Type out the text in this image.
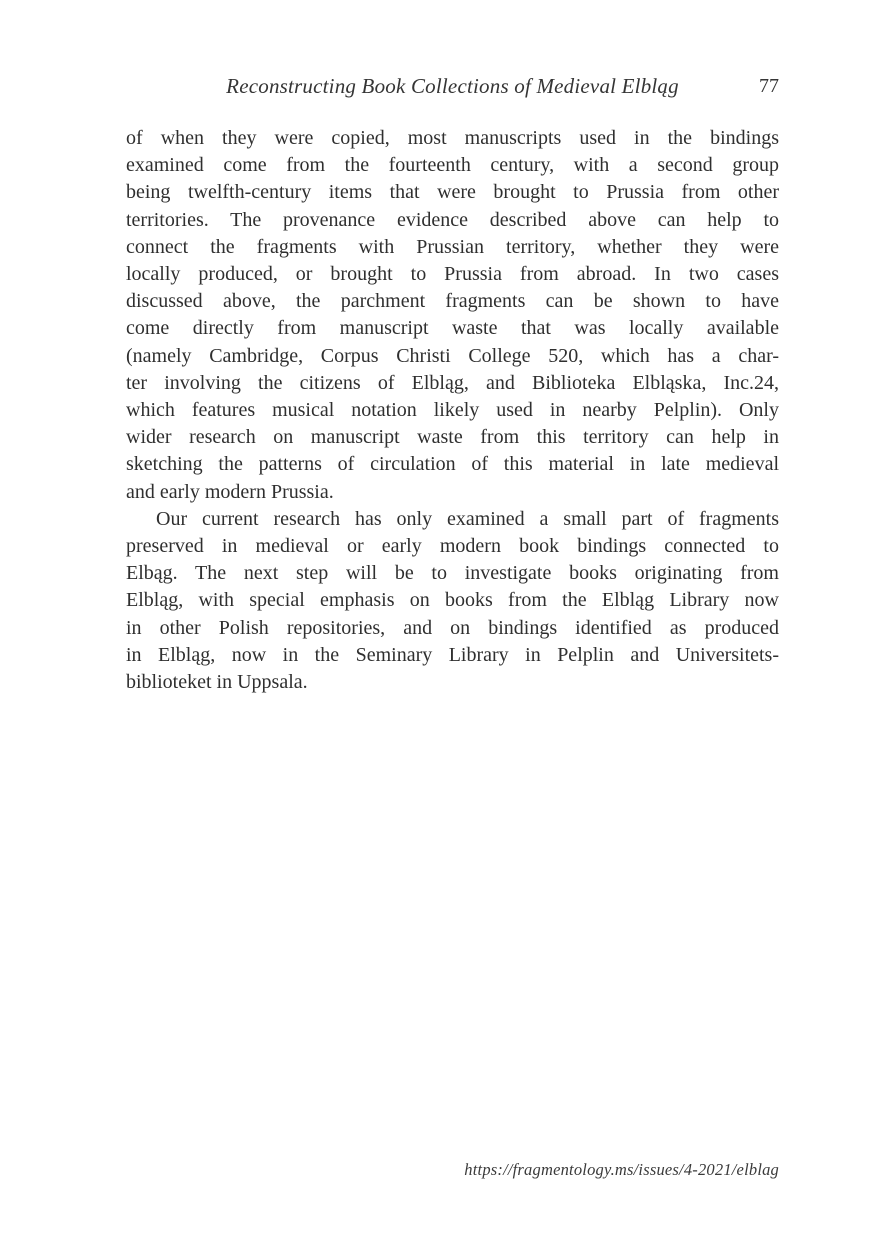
Reconstructing Book Collections of Medieval Elbląg	77
of when they were copied, most manuscripts used in the bindings
examined come from the fourteenth century, with a second group
being twelfth-century items that were brought to Prussia from other
territories. The provenance evidence described above can help to
connect the fragments with Prussian territory, whether they were
locally produced, or brought to Prussia from abroad. In two cases
discussed above, the parchment fragments can be shown to have
come directly from manuscript waste that was locally available
(namely Cambridge, Corpus Christi College 520, which has a char-
ter involving the citizens of Elbląg, and Biblioteka Elbląska, Inc.24,
which features musical notation likely used in nearby Pelplin). Only
wider research on manuscript waste from this territory can help in
sketching the patterns of circulation of this material in late medieval
and early modern Prussia.
Our current research has only examined a small part of fragments
preserved in medieval or early modern book bindings connected to
Elbąg. The next step will be to investigate books originating from
Elbląg, with special emphasis on books from the Elbląg Library now
in other Polish repositories, and on bindings identified as produced
in Elbląg, now in the Seminary Library in Pelplin and Universitets-
biblioteket in Uppsala.
https://fragmentology.ms/issues/4-2021/elblag
